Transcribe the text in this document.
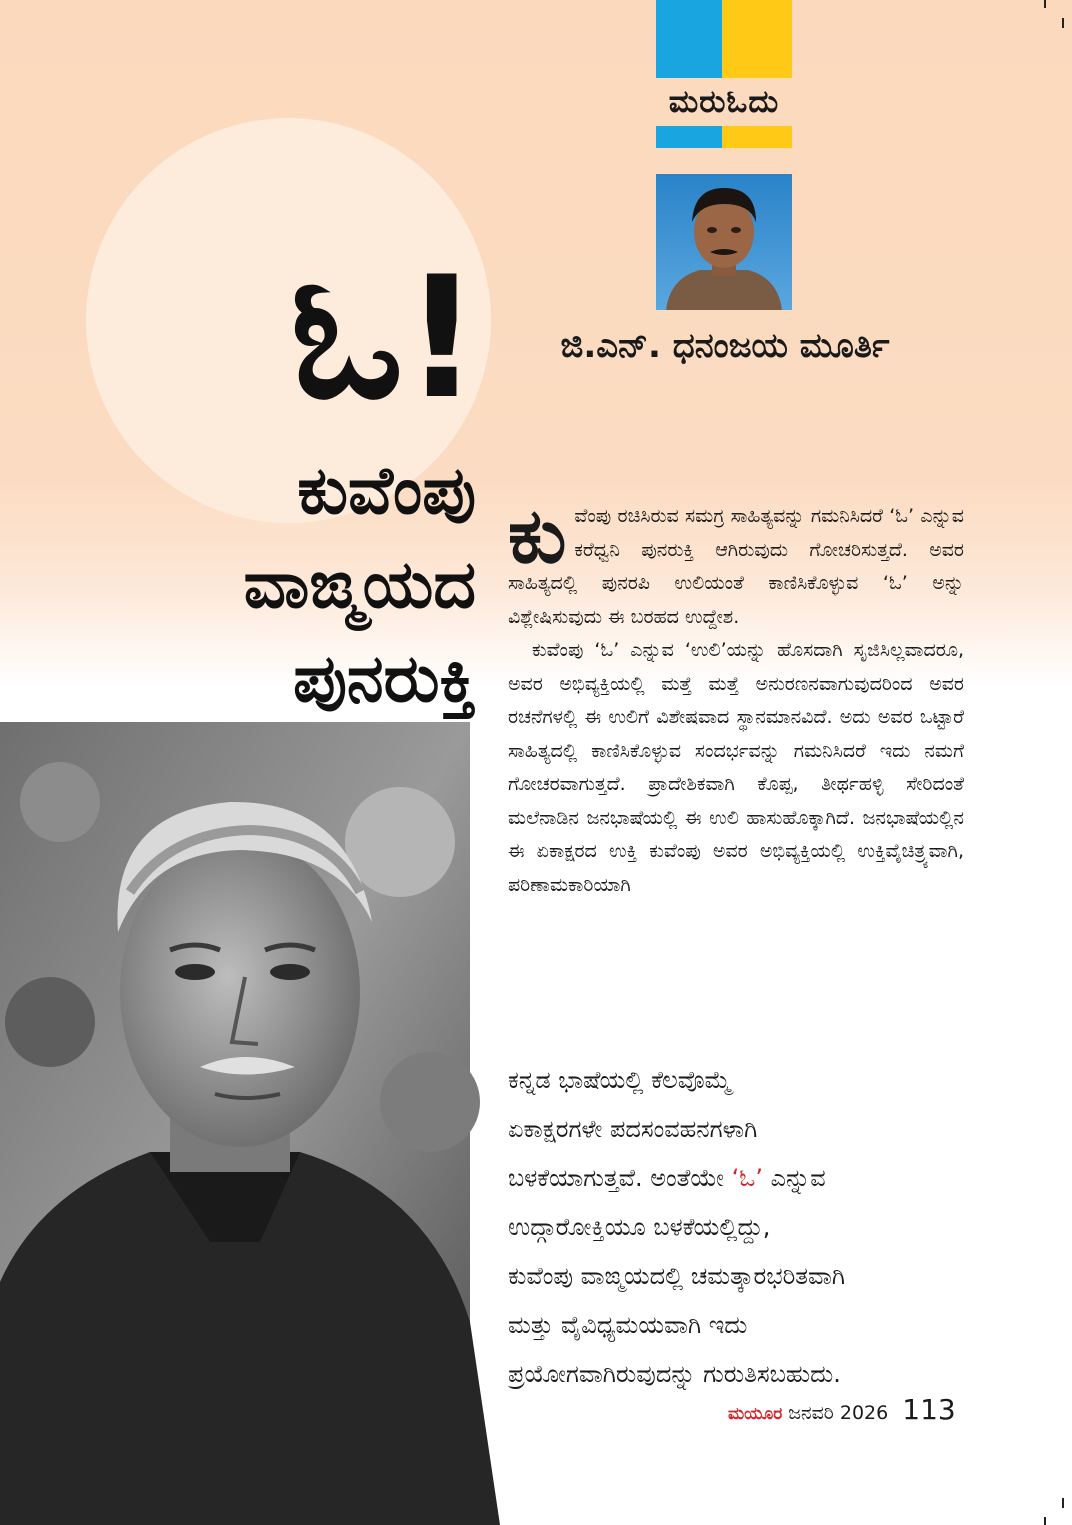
ಮರುಓದು
ಜಿ.ಎನ್. ಧನಂಜಯ ಮೂರ್ತಿ
ಓ!
ಕುವೆಂಪು
ವಾಙ್ಮಯದ
ಪುನರುಕ್ತಿ

ಕುವೆಂಪು ರಚಿಸಿರುವ ಸಮಗ್ರ ಸಾಹಿತ್ಯವನ್ನು ಗಮನಿಸಿದರೆ ‘ಓ’ ಎನ್ನುವ ಕರೆಧ್ವನಿ ಪುನರುಕ್ತಿ ಆಗಿರುವುದು ಗೋಚರಿಸುತ್ತದೆ. ಅವರ ಸಾಹಿತ್ಯದಲ್ಲಿ ಪುನರಪಿ ಉಲಿಯಂತೆ ಕಾಣಿಸಿಕೊಳ್ಳುವ ‘ಓ’ ಅನ್ನು ವಿಶ್ಲೇಷಿಸುವುದು ಈ ಬರಹದ ಉದ್ದೇಶ.

ಕುವೆಂಪು ‘ಓ’ ಎನ್ನುವ ‘ಉಲಿ’ಯನ್ನು ಹೊಸದಾಗಿ ಸೃಜಿಸಿಲ್ಲವಾದರೂ, ಅವರ ಅಭಿವ್ಯಕ್ತಿಯಲ್ಲಿ ಮತ್ತೆ ಮತ್ತೆ ಅನುರಣನವಾಗುವುದರಿಂದ ಅವರ ರಚನೆಗಳಲ್ಲಿ ಈ ಉಲಿಗೆ ವಿಶೇಷವಾದ ಸ್ಥಾನಮಾನವಿದೆ. ಅದು ಅವರ ಒಟ್ಟಾರೆ ಸಾಹಿತ್ಯದಲ್ಲಿ ಕಾಣಿಸಿಕೊಳ್ಳುವ ಸಂದರ್ಭವನ್ನು ಗಮನಿಸಿದರೆ ಇದು ನಮಗೆ ಗೋಚರವಾಗುತ್ತದೆ. ಪ್ರಾದೇಶಿಕವಾಗಿ ಕೊಪ್ಪ, ತೀರ್ಥಹಳ್ಳಿ ಸೇರಿದಂತೆ ಮಲೆನಾಡಿನ ಜನಭಾಷೆಯಲ್ಲಿ ಈ ಉಲಿ ಹಾಸುಹೊಕ್ಕಾಗಿದೆ. ಜನಭಾಷೆಯಲ್ಲಿನ ಈ ಏಕಾಕ್ಷರದ ಉಕ್ತಿ ಕುವೆಂಪು ಅವರ ಅಭಿವ್ಯಕ್ತಿಯಲ್ಲಿ ಉಕ್ತಿವೈಚಿತ್ರ್ಯವಾಗಿ, ಪರಿಣಾಮಕಾರಿಯಾಗಿ

ಕನ್ನಡ ಭಾಷೆಯಲ್ಲಿ ಕೆಲವೊಮ್ಮೆ
ಏಕಾಕ್ಷರಗಳೇ ಪದಸಂವಹನಗಳಾಗಿ
ಬಳಕೆಯಾಗುತ್ತವೆ. ಅಂತೆಯೇ ‘ಓ’ ಎನ್ನುವ
ಉದ್ಗಾರೋಕ್ತಿಯೂ ಬಳಕೆಯಲ್ಲಿದ್ದು,
ಕುವೆಂಪು ವಾಙ್ಮಯದಲ್ಲಿ ಚಮತ್ಕಾರಭರಿತವಾಗಿ
ಮತ್ತು ವೈವಿಧ್ಯಮಯವಾಗಿ ಇದು
ಪ್ರಯೋಗವಾಗಿರುವುದನ್ನು ಗುರುತಿಸಬಹುದು.
ಮಯೂರ ಜನವರಿ 2026 113
